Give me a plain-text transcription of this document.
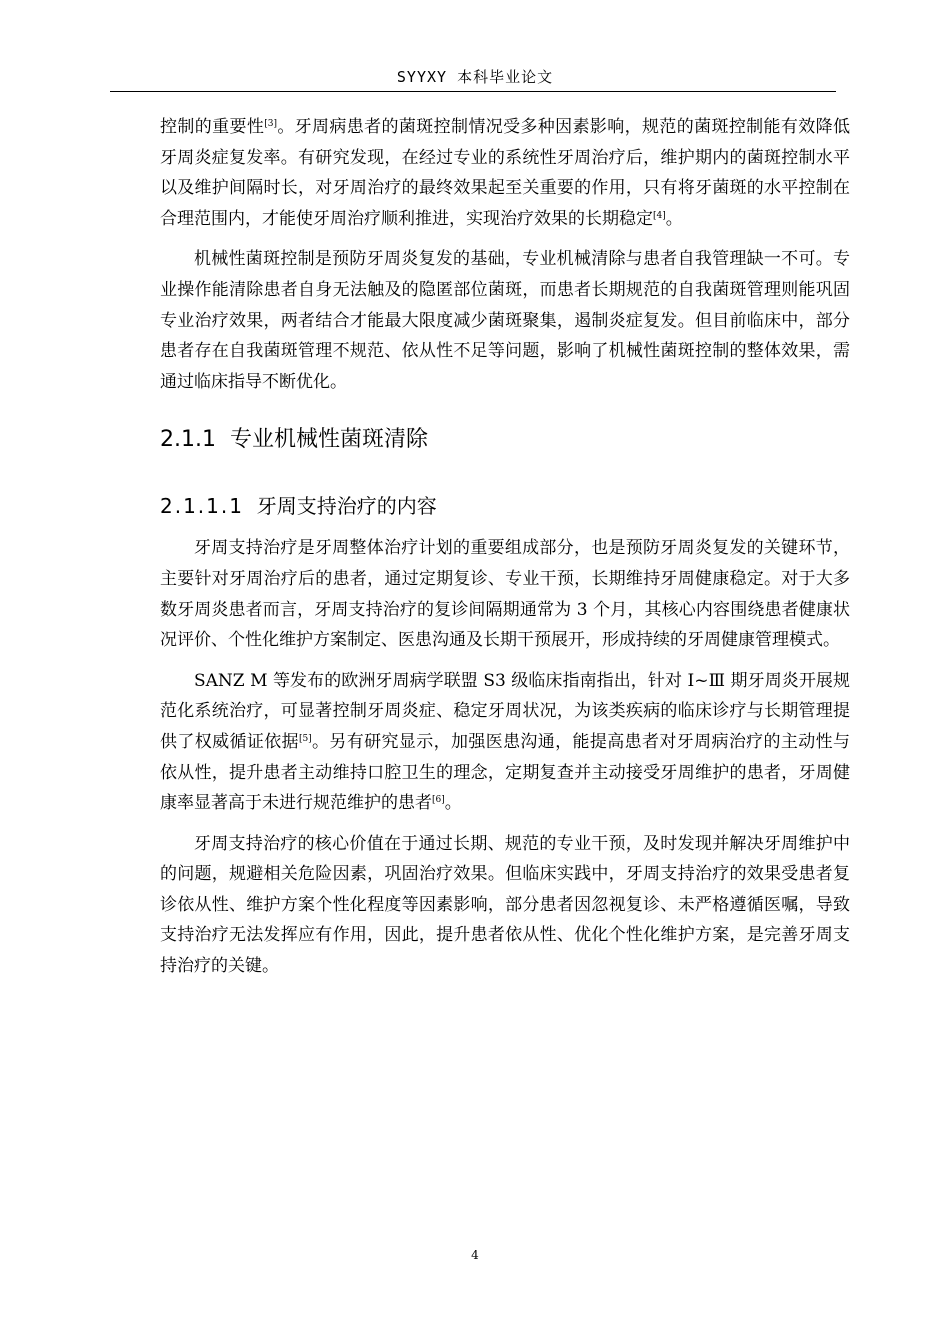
SYYXY 本科毕业论文

控制的重要性[3]。牙周病患者的菌斑控制情况受多种因素影响，规范的菌斑控制能有效降低牙周炎症复发率。有研究发现，在经过专业的系统性牙周治疗后，维护期内的菌斑控制水平以及维护间隔时长，对牙周治疗的最终效果起至关重要的作用，只有将牙菌斑的水平控制在合理范围内，才能使牙周治疗顺利推进，实现治疗效果的长期稳定[4]。

机械性菌斑控制是预防牙周炎复发的基础，专业机械清除与患者自我管理缺一不可。专业操作能清除患者自身无法触及的隐匿部位菌斑，而患者长期规范的自我菌斑管理则能巩固专业治疗效果，两者结合才能最大限度减少菌斑聚集，遏制炎症复发。但目前临床中，部分患者存在自我菌斑管理不规范、依从性不足等问题，影响了机械性菌斑控制的整体效果，需通过临床指导不断优化。

2.1.1 专业机械性菌斑清除
2.1.1.1 牙周支持治疗的内容

牙周支持治疗是牙周整体治疗计划的重要组成部分，也是预防牙周炎复发的关键环节，主要针对牙周治疗后的患者，通过定期复诊、专业干预，长期维持牙周健康稳定。对于大多数牙周炎患者而言，牙周支持治疗的复诊间隔期通常为 3 个月，其核心内容围绕患者健康状况评价、个性化维护方案制定、医患沟通及长期干预展开，形成持续的牙周健康管理模式。

SANZ M 等发布的欧洲牙周病学联盟 S3 级临床指南指出，针对 Ⅰ~Ⅲ 期牙周炎开展规范化系统治疗，可显著控制牙周炎症、稳定牙周状况，为该类疾病的临床诊疗与长期管理提供了权威循证依据[5]。另有研究显示，加强医患沟通，能提高患者对牙周病治疗的主动性与依从性，提升患者主动维持口腔卫生的理念，定期复查并主动接受牙周维护的患者，牙周健康率显著高于未进行规范维护的患者[6]。

牙周支持治疗的核心价值在于通过长期、规范的专业干预，及时发现并解决牙周维护中的问题，规避相关危险因素，巩固治疗效果。但临床实践中，牙周支持治疗的效果受患者复诊依从性、维护方案个性化程度等因素影响，部分患者因忽视复诊、未严格遵循医嘱，导致支持治疗无法发挥应有作用，因此，提升患者依从性、优化个性化维护方案，是完善牙周支持治疗的关键。

4
